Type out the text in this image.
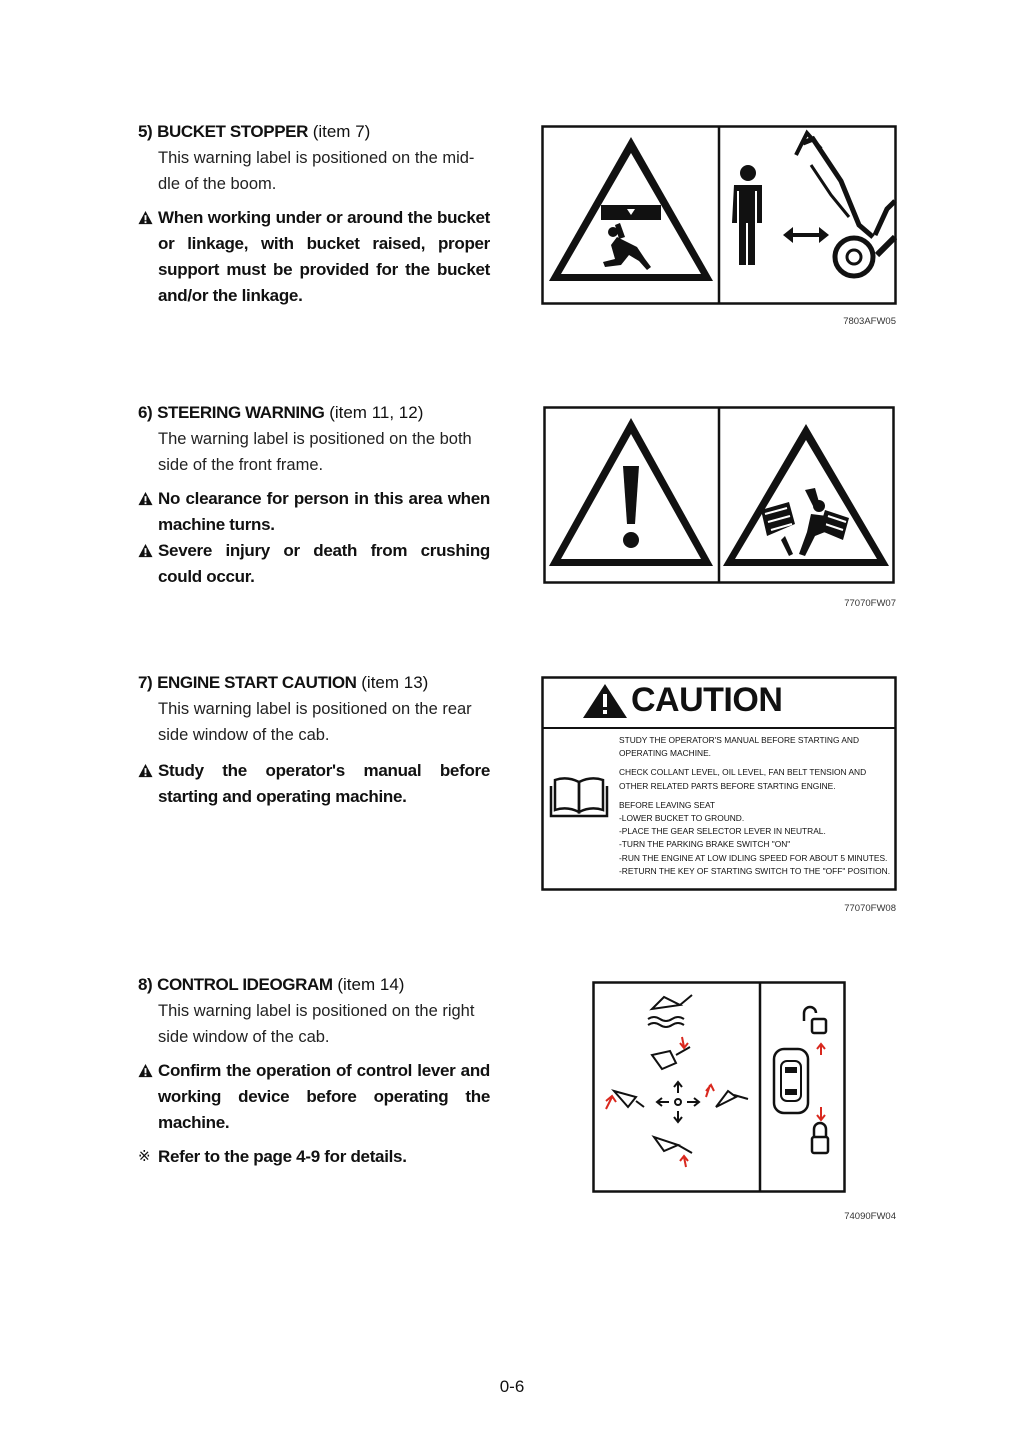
5) BUCKET STOPPER (item 7)

This warning label is positioned on the mid-
dle of the boom.
When working under or around the bucket or linkage, with bucket raised, proper support must be provided for the bucket and/or the linkage.
7803AFW05

6) STEERING WARNING (item 11, 12)

The warning label is positioned on the both
side of the front frame.
No clearance for person in this area when machine turns.
Severe injury or death from crushing could occur.
77070FW07

7) ENGINE START CAUTION (item 13)

This warning label is positioned on the rear
side window of the cab.
Study the operator's manual before starting and operating machine.
CAUTION
STUDY THE OPERATOR'S MANUAL BEFORE STARTING AND
OPERATING MACHINE.
CHECK COLLANT LEVEL, OIL LEVEL, FAN BELT TENSION AND
OTHER RELATED PARTS BEFORE STARTING ENGINE.
BEFORE LEAVING SEAT
-LOWER BUCKET TO GROUND.
-PLACE THE GEAR SELECTOR LEVER IN NEUTRAL.
-TURN THE PARKING BRAKE SWITCH "ON"
-RUN THE ENGINE AT LOW IDLING SPEED FOR ABOUT 5 MINUTES.
-RETURN THE KEY OF STARTING SWITCH TO THE "OFF" POSITION.
77070FW08

8) CONTROL IDEOGRAM (item 14)

This warning label is positioned on the right
side window of the cab.
Confirm the operation of control lever and working device before operating the machine.
※ Refer to the page 4-9 for details.
74090FW04
0-6
